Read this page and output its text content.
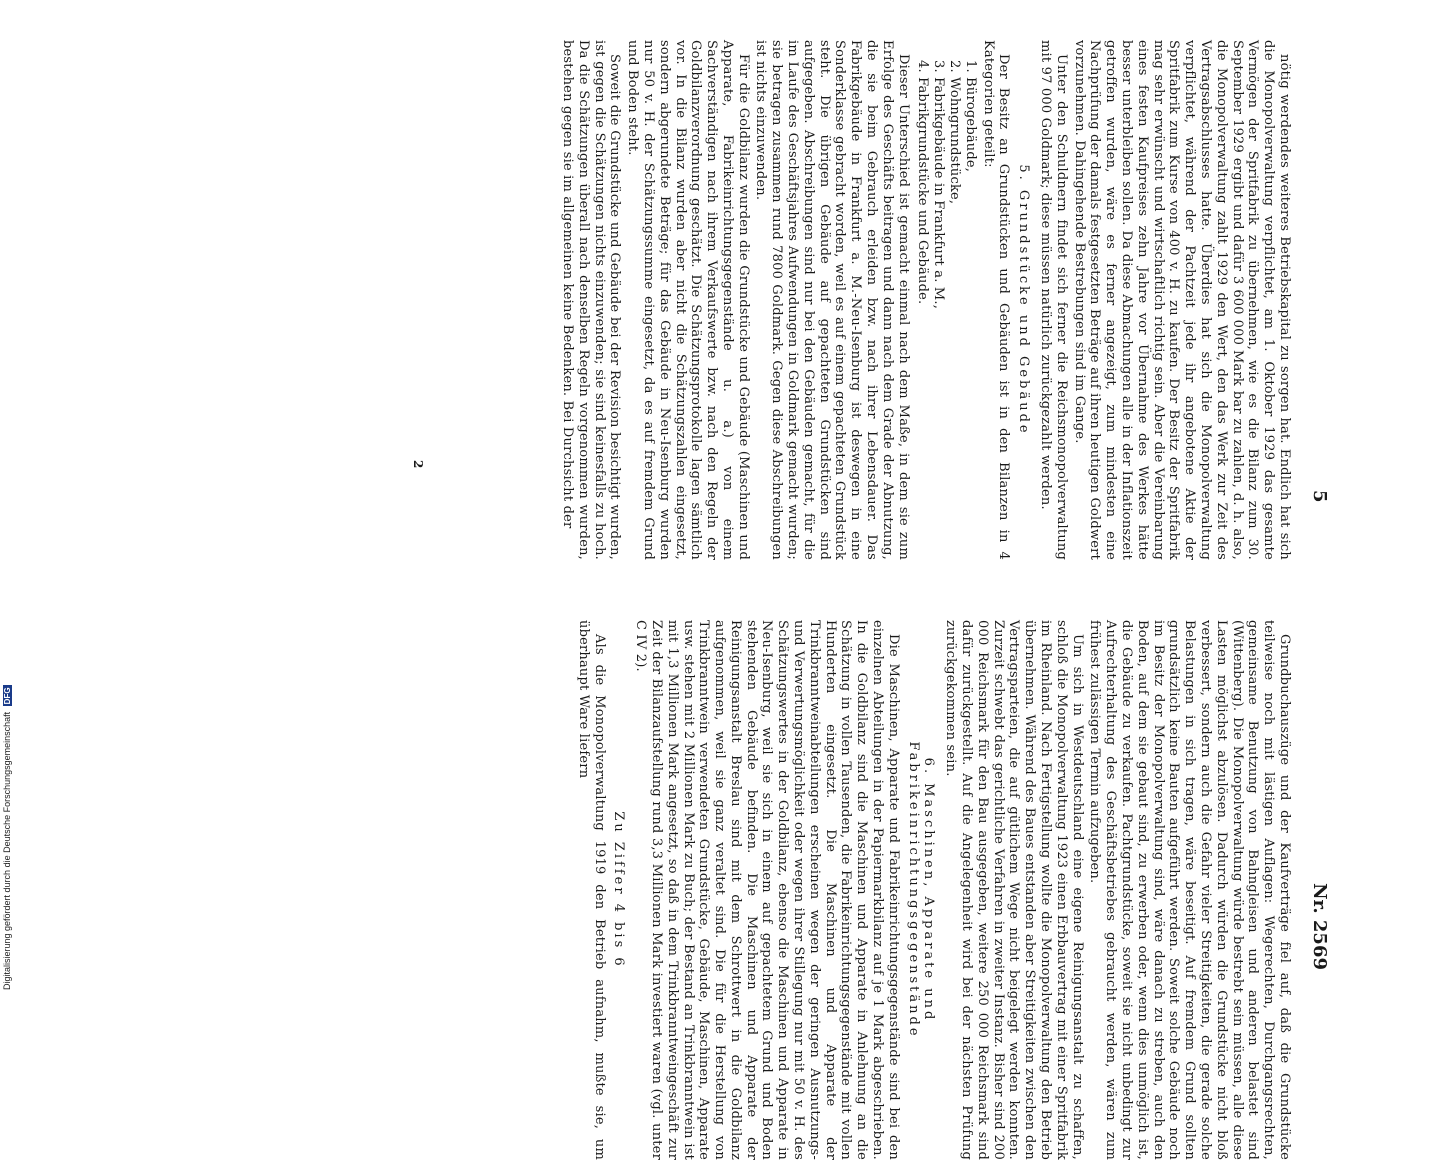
5
Nr. 2569

nötig werdendes weiteres Betriebskapital zu sorgen hat. Endlich hat sich die Monopolverwaltung verpflichtet, am 1. Oktober 1929 das gesamte Vermögen der Spritfabrik zu übernehmen, wie es die Bilanz zum 30. September 1929 ergibt und dafür 3 600 000 Mark bar zu zahlen, d. h. also, die Monopolverwaltung zahlt 1929 den Wert, den das Werk zur Zeit des Vertragsabschlusses hatte. Überdies hat sich die Monopolverwaltung verpflichtet, während der Pachtzeit jede ihr angebotene Aktie der Spritfabrik zum Kurse von 400 v. H. zu kaufen. Der Besitz der Spritfabrik mag sehr erwünscht und wirtschaftlich richtig sein. Aber die Vereinbarung eines festen Kaufpreises zehn Jahre vor Übernahme des Werkes hätte besser unterbleiben sollen. Da diese Abmachungen alle in der Inflationszeit getroffen wurden, wäre es ferner angezeigt, zum mindesten eine Nachprüfung der damals festgesetzten Beträge auf ihren heutigen Goldwert vorzunehmen. Dahingehende Bestrebungen sind im Gange.

Unter den Schuldnern findet sich ferner die Reichsmonopolverwaltung mit 97 000 Goldmark; diese müssen natürlich zurückgezahlt werden.

5. Grundstücke und Gebäude

Der Besitz an Grundstücken und Gebäuden ist in den Bilanzen in 4 Kategorien geteilt:

1. Bürogebäude,
2. Wohngrundstücke,
3. Fabrikgebäude in Frankfurt a. M.,
4. Fabrikgrundstücke und Gebäude.

Dieser Unterschied ist gemacht einmal nach dem Maße, in dem sie zum Erfolge des Geschäfts beitragen und dann nach dem Grade der Abnutzung, die sie beim Gebrauch erleiden bzw. nach ihrer Lebensdauer. Das Fabrikgebäude in Frankfurt a. M.-Neu-Isenburg ist deswegen in eine Sonderklasse gebracht worden, weil es auf einem gepachteten Grundstück steht. Die übrigen Gebäude auf gepachteten Grundstücken sind aufgegeben. Abschreibungen sind nur bei den Gebäuden gemacht, für die im Laufe des Geschäftsjahres Aufwendungen in Goldmark gemacht wurden; sie betragen zusammen rund 7800 Goldmark. Gegen diese Abschreibungen ist nichts einzuwenden.

Für die Goldbilanz wurden die Grundstücke und Gebäude (Maschinen und Apparate, Fabrikeinrichtungsgegenstände u. a.) von einem Sachverständigen nach ihrem Verkaufswerte bzw. nach den Regeln der Goldbilanzverordnung geschätzt. Die Schätzungsprotokolle lagen sämtlich vor. In die Bilanz wurden aber nicht die Schätzungszahlen eingesetzt, sondern abgerundete Beträge; für das Gebäude in Neu-Isenburg wurden nur 50 v. H. der Schätzungssumme eingesetzt, da es auf fremdem Grund und Boden steht.

Soweit die Grundstücke und Gebäude bei der Revision besichtigt wurden, ist gegen die Schätzungen nichts einzuwenden; sie sind keinesfalls zu hoch. Da die Schätzungen überall nach denselben Regeln vorgenommen wurden, bestehen gegen sie im allgemeinen keine Bedenken. Bei Durchsicht der

Grundbuchauszüge und der Kaufverträge fiel auf, daß die Grundstücke teilweise noch mit lästigen Auflagen: Wegerechten, Durchgangsrechten, gemeinsame Benutzung von Bahngleisen und anderen belastet sind (Wittenberg). Die Monopolverwaltung würde bestrebt sein müssen, alle diese Lasten möglichst abzulösen. Dadurch würden die Grundstücke nicht bloß verbessert, sondern auch die Gefahr vieler Streitigkeiten, die gerade solche Belastungen in sich tragen, wäre beseitigt. Auf fremdem Grund sollten grundsätzlich keine Bauten aufgeführt werden. Soweit solche Gebäude noch im Besitz der Monopolverwaltung sind, wäre danach zu streben, auch den Boden, auf dem sie gebaut sind, zu erwerben oder, wenn dies unmöglich ist, die Gebäude zu verkaufen. Pachtgrundstücke, soweit sie nicht unbedingt zur Aufrechterhaltung des Geschäftsbetriebes gebraucht werden, wären zum frühest zulässigen Termin aufzugeben.

Um sich in Westdeutschland eine eigene Reinigungsanstalt zu schaffen, schloß die Monopolverwaltung 1923 einen Erbbauvertrag mit einer Spritfabrik im Rheinland. Nach Fertigstellung wollte die Monopolverwaltung den Betrieb übernehmen. Während des Baues entstanden aber Streitigkeiten zwischen den Vertragsparteien, die auf gütlichem Wege nicht beigelegt werden konnten. Zurzeit schwebt das gerichtliche Verfahren in zweiter Instanz. Bisher sind 200 000 Reichsmark für den Bau ausgegeben, weitere 250 000 Reichsmark sind dafür zurückgestellt. Auf die Angelegenheit wird bei der nächsten Prüfung zurückgekommen sein.

6. Maschinen, Apparate und Fabrikeinrichtungsgegenstände

Die Maschinen, Apparate und Fabrikeinrichtungsgegenstände sind bei den einzelnen Abteilungen in der Papiermarkbilanz auf je 1 Mark abgeschrieben. In die Goldbilanz sind die Maschinen und Apparate in Anlehnung an die Schätzung in vollen Tausenden, die Fabrikeinrichtungsgegenstände mit vollen Hunderten eingesetzt. Die Maschinen und Apparate der Trinkbranntweinabteilungen erscheinen wegen der geringen Ausnutzungs- und Verwertungsmöglichkeit oder wegen ihrer Stillegung nur mit 50 v. H. des Schätzungswertes in der Goldbilanz, ebenso die Maschinen und Apparate in Neu-Isenburg, weil sie sich in einem auf gepachtetem Grund und Boden stehenden Gebäude befinden. Die Maschinen und Apparate der Reinigungsanstalt Breslau sind mit dem Schrottwert in die Goldbilanz aufgenommen, weil sie ganz veraltet sind. Die für die Herstellung von Trinkbranntwein verwendeten Grundstücke, Gebäude, Maschinen, Apparate usw. stehen mit 2 Millionen Mark zu Buch; der Bestand an Trinkbranntwein ist mit 1,3 Millionen Mark angesetzt, so daß in dem Trinkbranntweingeschäft zur Zeit der Bilanzaufstellung rund 3,3 Millionen Mark investiert waren (vgl. unter C IV 2).

Zu Ziffer 4 bis 6

Als die Monopolverwaltung 1919 den Betrieb aufnahm, mußte sie, um überhaupt Ware liefern

2
Digitalisierung gefördert durch die Deutsche Forschungsgemeinschaft DFG
